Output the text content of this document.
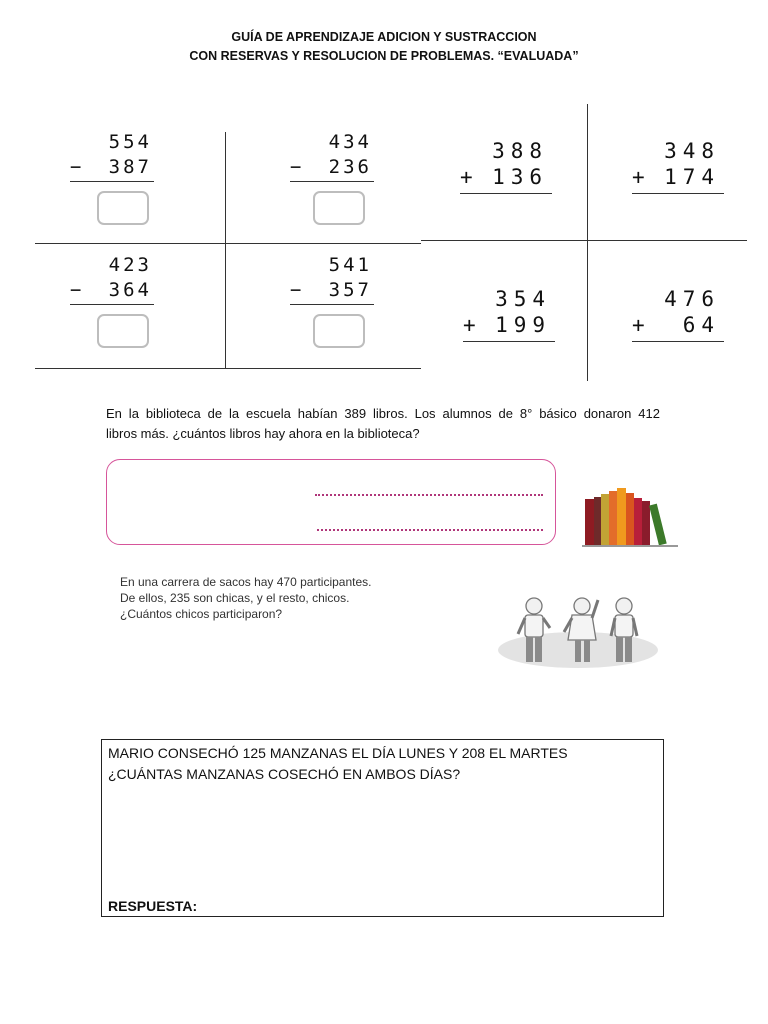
GUÍA DE APRENDIZAJE ADICION Y SUSTRACCION
CON RESERVAS Y RESOLUCION DE PROBLEMAS. “EVALUADA”
554
− 387
434
− 236
423
− 364
541
− 357
388
+ 136
348
+ 174
354
+ 199
476
+ 64
En la biblioteca de la escuela habían 389 libros. Los alumnos de 8° básico donaron 412
libros más. ¿cuántos libros hay ahora en la biblioteca?
En una carrera de sacos hay 470 participantes.
De ellos, 235 son chicas, y el resto, chicos.
¿Cuántos chicos participaron?
MARIO CONSECHÓ 125 MANZANAS EL DÍA LUNES Y 208 EL MARTES
¿CUÁNTAS MANZANAS COSECHÓ EN AMBOS DÍAS?
RESPUESTA:
